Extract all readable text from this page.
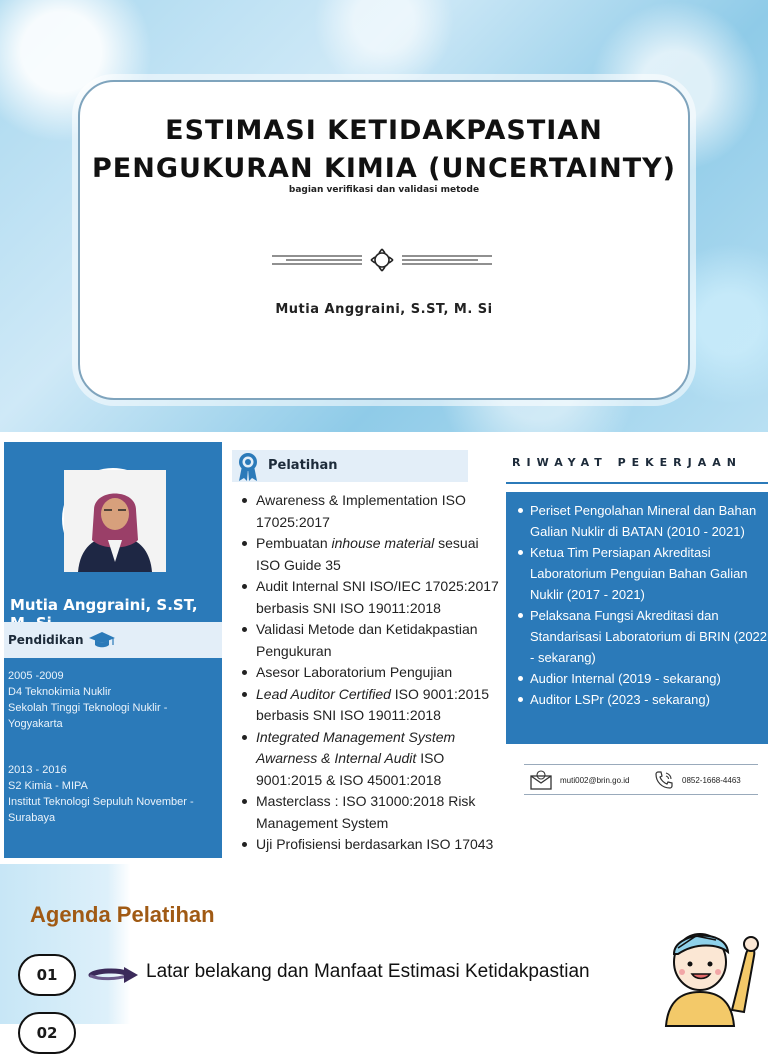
ESTIMASI KETIDAKPASTIAN
PENGUKURAN KIMIA (UNCERTAINTY)
bagian verifikasi dan validasi metode
Mutia Anggraini, S.ST, M. Si
Mutia Anggraini, S.ST,
Pendidikan
2005 -2009
D4 Teknokimia Nuklir
Sekolah Tinggi Teknologi Nuklir -
Yogyakarta
2013 - 2016
S2 Kimia - MIPA
Institut Teknologi Sepuluh November -
Surabaya
Pelatihan
Awareness & Implementation ISO 17025:2017
Pembuatan inhouse material sesuai ISO Guide 35
Audit Internal SNI ISO/IEC 17025:2017 berbasis SNI ISO 19011:2018
Validasi Metode dan Ketidakpastian Pengukuran
Asesor Laboratorium Pengujian
Lead Auditor Certified ISO 9001:2015 berbasis SNI ISO 19011:2018
Integrated Management System Awarness & Internal Audit ISO 9001:2015 & ISO 45001:2018
Masterclass : ISO 31000:2018 Risk Management System
Uji Profisiensi berdasarkan ISO 17043
RIWAYAT PEKERJAAN
Periset Pengolahan Mineral dan Bahan Galian Nuklir di BATAN (2010 - 2021)
Ketua Tim Persiapan Akreditasi Laboratorium Penguian Bahan Galian Nuklir (2017 - 2021)
Pelaksana Fungsi Akreditasi dan Standarisasi Laboratorium di BRIN (2022 - sekarang)
Audior Internal (2019 - sekarang)
Auditor LSPr (2023 - sekarang)
muti002@brin.go.id	0852-1668-4463
Agenda Pelatihan
01	Latar belakang dan Manfaat Estimasi Ketidakpastian
02
